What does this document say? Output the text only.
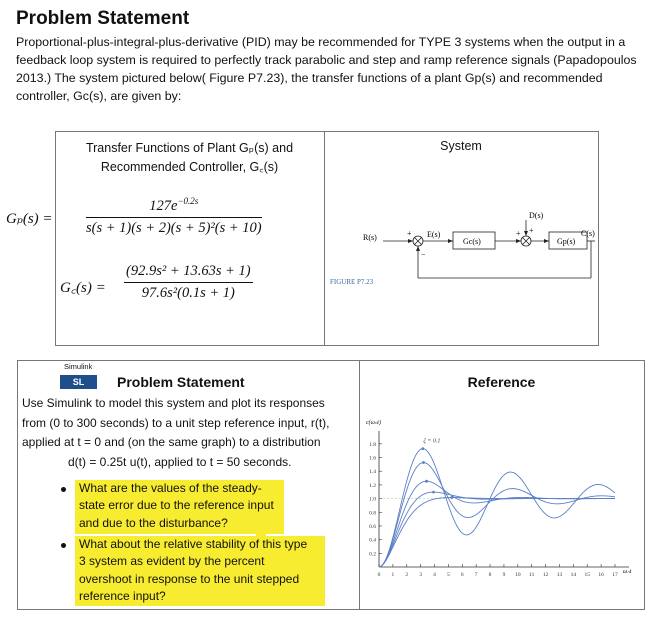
Problem Statement
Proportional-plus-integral-plus-derivative (PID) may be recommended for TYPE 3 systems when the output in a feedback loop system is required to perfectly track parabolic and step and ramp reference signals (Papadopoulos 2013.) The system pictured below( Figure P7.23), the transfer functions of a plant Gp(s) and recommended controller, Gc(s), are given by:
Transfer Functions of Plant Gₚ(s) and
Recommended Controller, G꜀(s)
System
$G_p(s) = \frac{127e^{-0.2s}}{\text{s(s + 1)(s + 2)(s + 5)²(s + 10)}}$
G꜀(s) = $\frac{\text{(92.9s² + 13.63s + 1)}}{\text{97.6s²(0.1s + 1)}}$
R(s)	+
−
E(s)
Gc(s)
D(s)
+ +
Gp(s)
C(s)
FIGURE P7.23
Simulink
SL	Problem Statement	Reference
Use Simulink to model this system and plot its responses
from (0 to 300 seconds) to a unit step reference input, r(t),
applied at t = 0 and (on the same graph) to a distribution
d(t) = 0.25t u(t), applied to t = 50 seconds.
What are the values of the steady-
state error due to the reference input
and due to the disturbance?
What about the relative stability of this type
3 system as evident by the percent
overshoot in response to the unit stepped
reference input?
c(ωₙt)
ωₙt
0 1 2 3 4 5 6 7 8 9 10 11 12 13 14 15 16 17
0.2
0.4
0.6
0.8
1.0
1.2
1.4
1.6
1.8
ζ = 0.1
